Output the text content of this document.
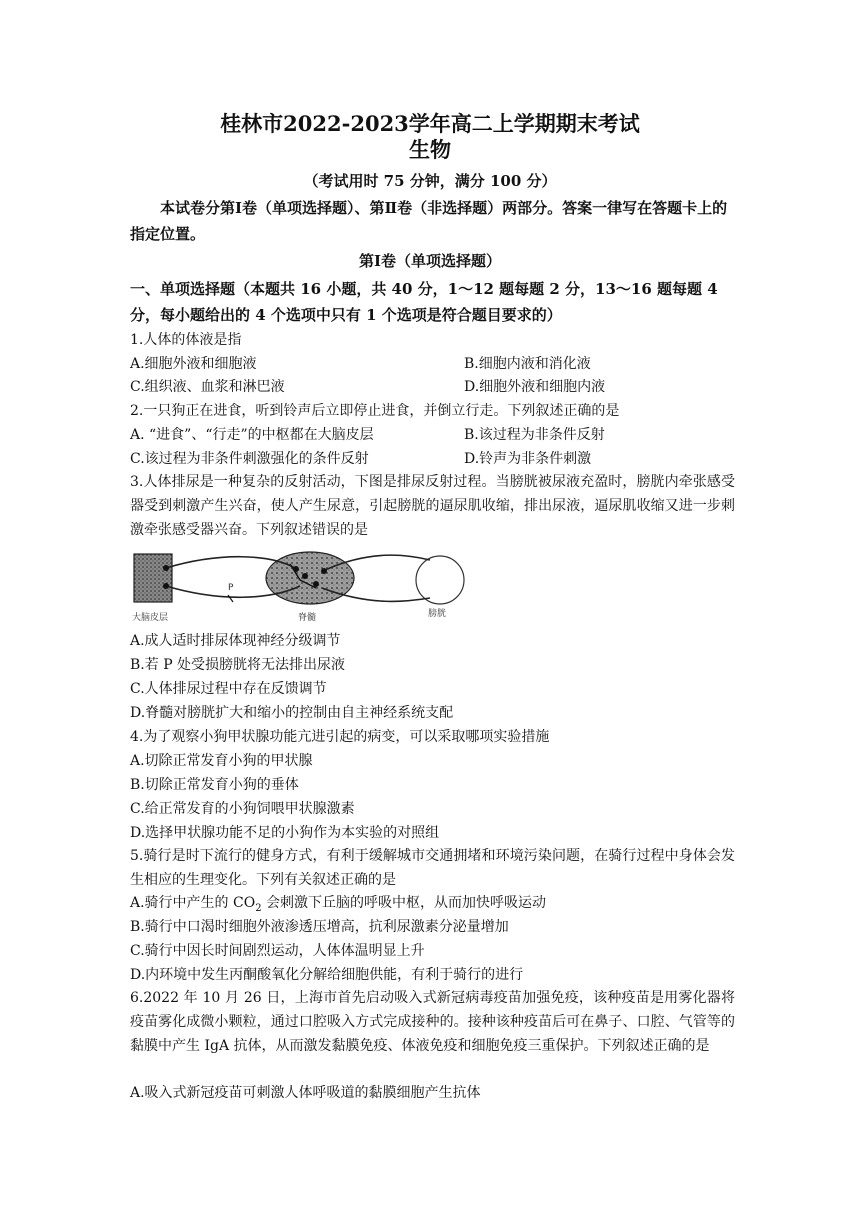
桂林市2022-2023学年高二上学期期末考试
生物
（考试用时 75 分钟，满分 100 分）
本试卷分第Ⅰ卷（单项选择题）、第Ⅱ卷（非选择题）两部分。答案一律写在答题卡上的指定位置。
第Ⅰ卷（单项选择题）
一、单项选择题（本题共 16 小题，共 40 分，1～12 题每题 2 分，13～16 题每题 4 分，每小题给出的 4 个选项中只有 1 个选项是符合题目要求的）
1.人体的体液是指
A.细胞外液和细胞液	B.细胞内液和消化液
C.组织液、血浆和淋巴液	D.细胞外液和细胞内液
2.一只狗正在进食，听到铃声后立即停止进食，并倒立行走。下列叙述正确的是
A. “进食”、“行走”的中枢都在大脑皮层	B.该过程为非条件反射
C.该过程为非条件刺激强化的条件反射	D.铃声为非条件刺激
3.人体排尿是一种复杂的反射活动，下图是排尿反射过程。当膀胱被尿液充盈时，膀胱内牵张感受器受到刺激产生兴奋，使人产生尿意，引起膀胱的逼尿肌收缩，排出尿液，逼尿肌收缩又进一步刺激牵张感受器兴奋。下列叙述错误的是
P
大脑皮层	脊髓	膀胱
A.成人适时排尿体现神经分级调节
B.若 P 处受损膀胱将无法排出尿液
C.人体排尿过程中存在反馈调节
D.脊髓对膀胱扩大和缩小的控制由自主神经系统支配
4.为了观察小狗甲状腺功能亢进引起的病变，可以采取哪项实验措施
A.切除正常发育小狗的甲状腺
B.切除正常发育小狗的垂体
C.给正常发育的小狗饲喂甲状腺激素
D.选择甲状腺功能不足的小狗作为本实验的对照组
5.骑行是时下流行的健身方式，有利于缓解城市交通拥堵和环境污染问题，在骑行过程中身体会发生相应的生理变化。下列有关叙述正确的是
A.骑行中产生的 $CO_2$ 会刺激下丘脑的呼吸中枢，从而加快呼吸运动
B.骑行中口渴时细胞外液渗透压增高，抗利尿激素分泌量增加
C.骑行中因长时间剧烈运动，人体体温明显上升
D.内环境中发生丙酮酸氧化分解给细胞供能，有利于骑行的进行
6.2022 年 10 月 26 日，上海市首先启动吸入式新冠病毒疫苗加强免疫，该种疫苗是用雾化器将疫苗雾化成微小颗粒，通过口腔吸入方式完成接种的。接种该种疫苗后可在鼻子、口腔、气管等的黏膜中产生 IgA 抗体，从而激发黏膜免疫、体液免疫和细胞免疫三重保护。下列叙述正确的是
A.吸入式新冠疫苗可刺激人体呼吸道的黏膜细胞产生抗体
